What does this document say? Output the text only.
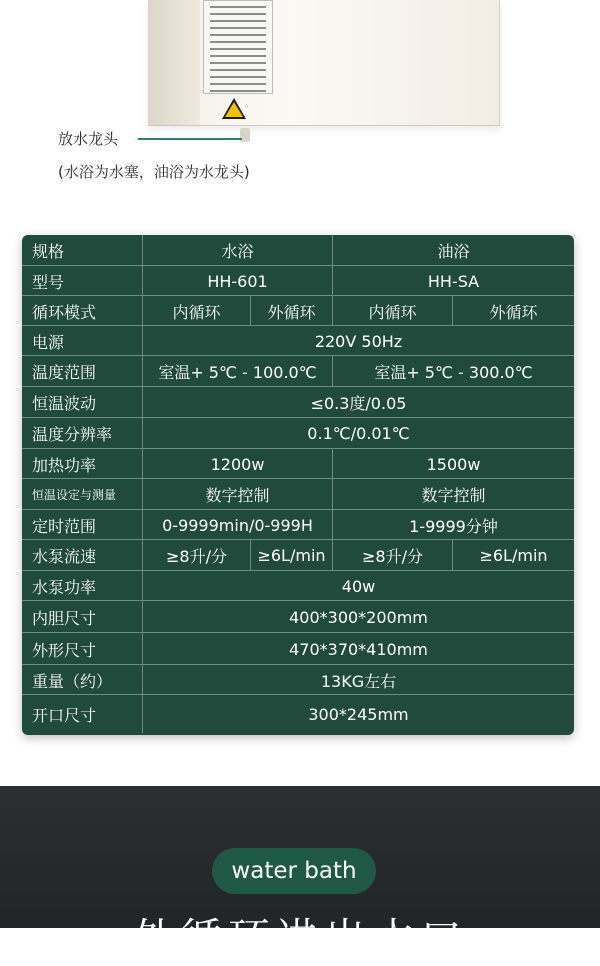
放水龙头
(水浴为水塞，油浴为水龙头)
规格	水浴	油浴
型号	HH-601	HH-SA
循环模式	内循环	外循环	内循环	外循环
电源	220V 50Hz
温度范围	室温+ 5℃ - 100.0℃	室温+ 5℃ - 300.0℃
恒温波动	≤0.3度/0.05
温度分辨率	0.1℃/0.01℃
加热功率	1200w	1500w
恒温设定与测量	数字控制	数字控制
定时范围	0-9999min/0-999H	1-9999分钟
水泵流速	≥8升/分	≥6L/min	≥8升/分	≥6L/min
水泵功率	40w
内胆尺寸	400*300*200mm
外形尺寸	470*370*410mm
重量（约）	13KG左右
开口尺寸	300*245mm
water bath
外循环进出水口
